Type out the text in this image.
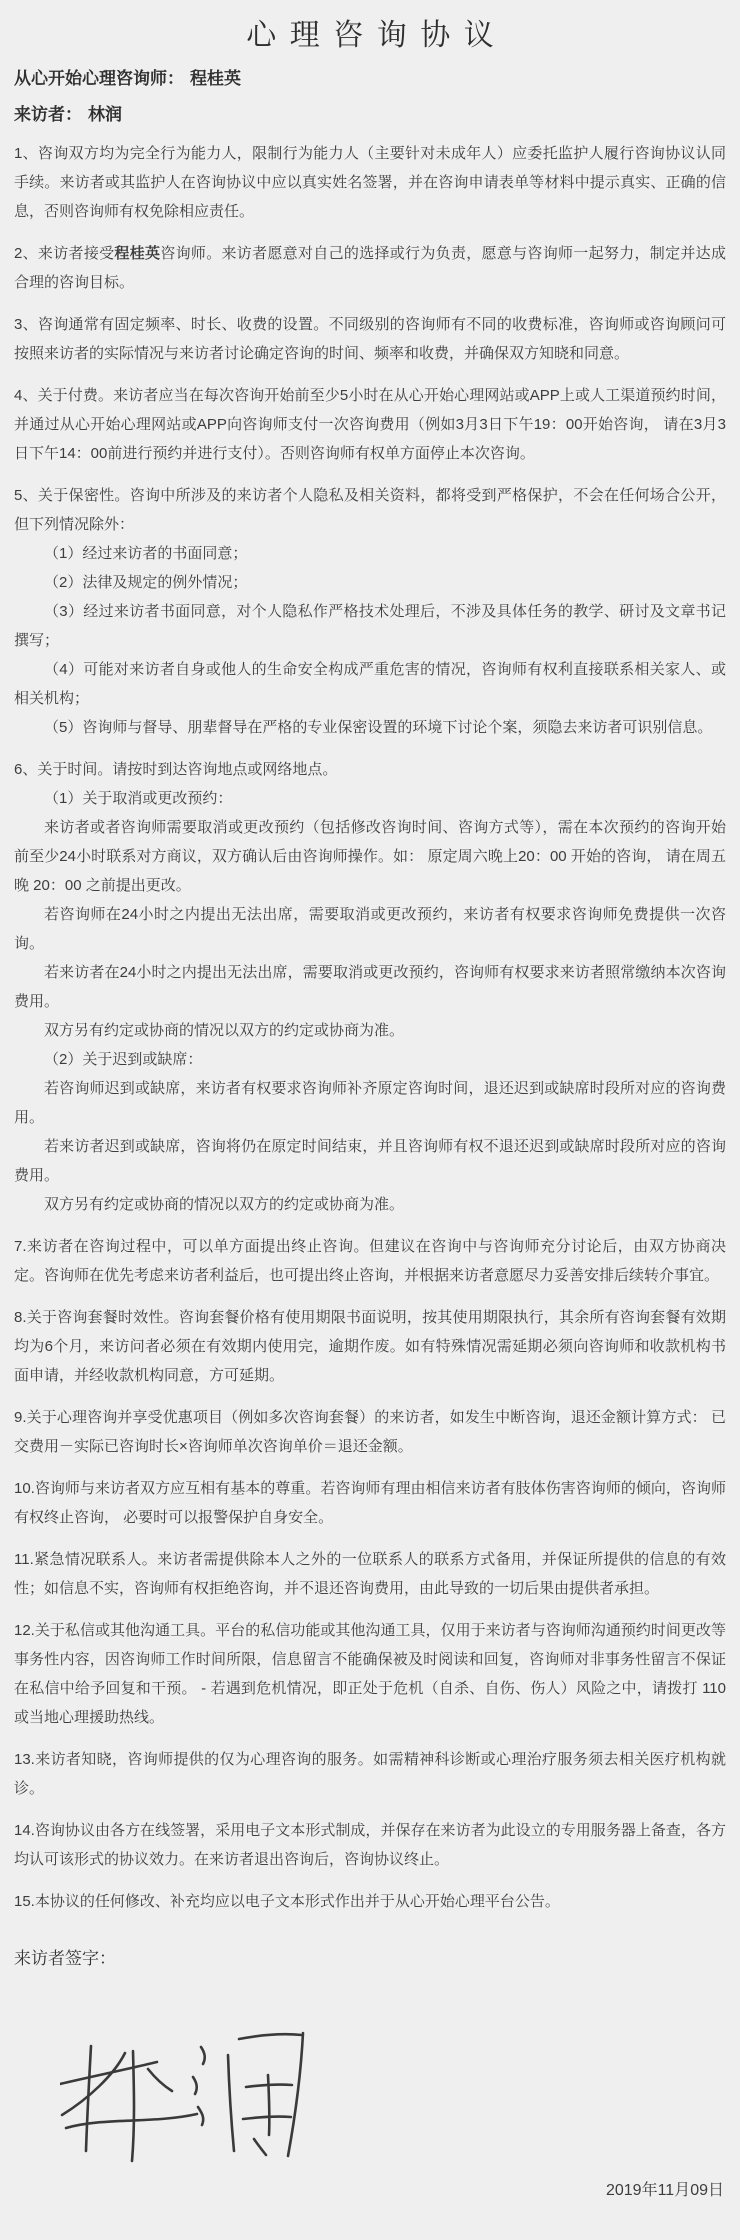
心理咨询协议
从心开始心理咨询师： 程桂英
来访者： 林润

1、咨询双方均为完全行为能力人，限制行为能力人（主要针对未成年人）应委托监护人履行咨询协议认同手续。来访者或其监护人在咨询协议中应以真实姓名签署，并在咨询申请表单等材料中提示真实、正确的信息，否则咨询师有权免除相应责任。

2、来访者接受程桂英咨询师。来访者愿意对自己的选择或行为负责，愿意与咨询师一起努力，制定并达成合理的咨询目标。

3、咨询通常有固定频率、时长、收费的设置。不同级别的咨询师有不同的收费标准，咨询师或咨询顾问可按照来访者的实际情况与来访者讨论确定咨询的时间、频率和收费，并确保双方知晓和同意。

4、关于付费。来访者应当在每次咨询开始前至少5小时在从心开始心理网站或APP上或人工渠道预约时间，并通过从心开始心理网站或APP向咨询师支付一次咨询费用（例如3月3日下午19：00开始咨询， 请在3月3日下午14：00前进行预约并进行支付）。否则咨询师有权单方面停止本次咨询。

5、关于保密性。咨询中所涉及的来访者个人隐私及相关资料，都将受到严格保护，不会在任何场合公开，但下列情况除外：

（1）经过来访者的书面同意；

（2）法律及规定的例外情况；

（3）经过来访者书面同意，对个人隐私作严格技术处理后，不涉及具体任务的教学、研讨及文章书记撰写；

（4）可能对来访者自身或他人的生命安全构成严重危害的情况，咨询师有权利直接联系相关家人、或相关机构；

（5）咨询师与督导、朋辈督导在严格的专业保密设置的环境下讨论个案，须隐去来访者可识别信息。

6、关于时间。请按时到达咨询地点或网络地点。

（1）关于取消或更改预约：

来访者或者咨询师需要取消或更改预约（包括修改咨询时间、咨询方式等），需在本次预约的咨询开始前至少24小时联系对方商议，双方确认后由咨询师操作。如： 原定周六晚上20：00 开始的咨询， 请在周五晚 20：00 之前提出更改。

若咨询师在24小时之内提出无法出席，需要取消或更改预约，来访者有权要求咨询师免费提供一次咨询。

若来访者在24小时之内提出无法出席，需要取消或更改预约，咨询师有权要求来访者照常缴纳本次咨询费用。

双方另有约定或协商的情况以双方的约定或协商为准。

（2）关于迟到或缺席：

若咨询师迟到或缺席，来访者有权要求咨询师补齐原定咨询时间，退还迟到或缺席时段所对应的咨询费用。

若来访者迟到或缺席，咨询将仍在原定时间结束，并且咨询师有权不退还迟到或缺席时段所对应的咨询费用。

双方另有约定或协商的情况以双方的约定或协商为准。

7.来访者在咨询过程中，可以单方面提出终止咨询。但建议在咨询中与咨询师充分讨论后，由双方协商决定。咨询师在优先考虑来访者利益后，也可提出终止咨询，并根据来访者意愿尽力妥善安排后续转介事宜。

8.关于咨询套餐时效性。咨询套餐价格有使用期限书面说明，按其使用期限执行，其余所有咨询套餐有效期均为6个月，来访问者必须在有效期内使用完，逾期作废。如有特殊情况需延期必须向咨询师和收款机构书面申请，并经收款机构同意，方可延期。

9.关于心理咨询并享受优惠项目（例如多次咨询套餐）的来访者，如发生中断咨询，退还金额计算方式： 已交费用－实际已咨询时长×咨询师单次咨询单价＝退还金额。

10.咨询师与来访者双方应互相有基本的尊重。若咨询师有理由相信来访者有肢体伤害咨询师的倾向，咨询师有权终止咨询， 必要时可以报警保护自身安全。

11.紧急情况联系人。来访者需提供除本人之外的一位联系人的联系方式备用，并保证所提供的信息的有效性；如信息不实，咨询师有权拒绝咨询，并不退还咨询费用，由此导致的一切后果由提供者承担。

12.关于私信或其他沟通工具。平台的私信功能或其他沟通工具，仅用于来访者与咨询师沟通预约时间更改等事务性内容，因咨询师工作时间所限，信息留言不能确保被及时阅读和回复，咨询师对非事务性留言不保证在私信中给予回复和干预。 - 若遇到危机情况，即正处于危机（自杀、自伤、伤人）风险之中，请拨打 110 或当地心理援助热线。

13.来访者知晓，咨询师提供的仅为心理咨询的服务。如需精神科诊断或心理治疗服务须去相关医疗机构就诊。

14.咨询协议由各方在线签署，采用电子文本形式制成，并保存在来访者为此设立的专用服务器上备查，各方均认可该形式的协议效力。在来访者退出咨询后，咨询协议终止。

15.本协议的任何修改、补充均应以电子文本形式作出并于从心开始心理平台公告。

来访者签字：
2019年11月09日
